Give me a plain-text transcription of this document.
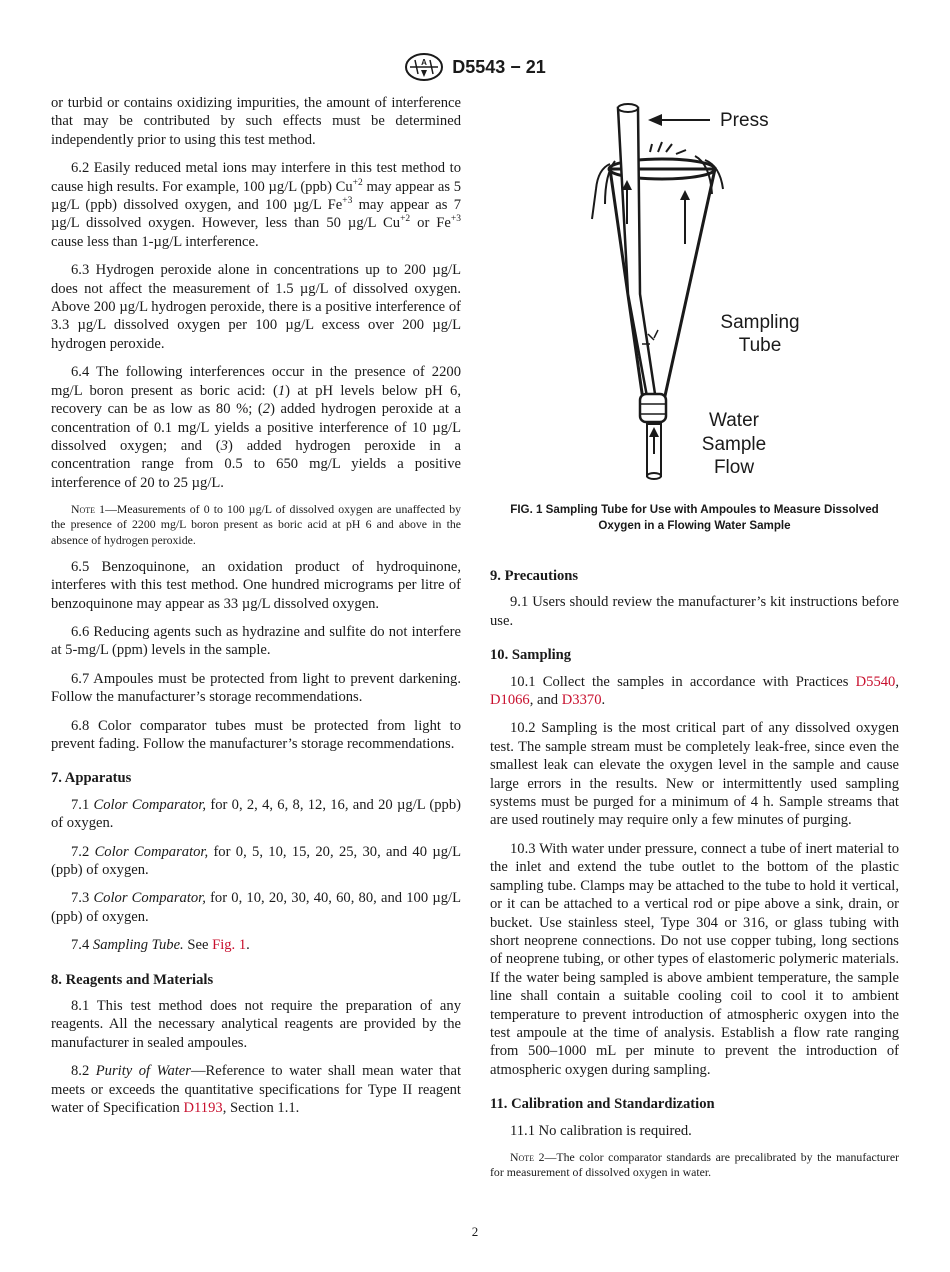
A D5543 − 21

or turbid or contains oxidizing impurities, the amount of interference that may be contributed by such effects must be determined independently prior to using this test method.

6.2 Easily reduced metal ions may interfere in this test method to cause high results. For example, 100 µg/L (ppb) $Cu^{+2}$ may appear as 5 µg/L (ppb) dissolved oxygen, and 100 µg/L $Fe^{+3}$ may appear as 7 µg/L dissolved oxygen. However, less than 50 µg/L $Cu^{+2}$ or $Fe^{+3}$ cause less than 1-µg/L interference.

6.3 Hydrogen peroxide alone in concentrations up to 200 µg/L does not affect the measurement of 1.5 µg/L of dissolved oxygen. Above 200 µg/L hydrogen peroxide, there is a positive interference of 3.3 µg/L dissolved oxygen per 100 µg/L excess over 200 µg/L hydrogen peroxide.

6.4 The following interferences occur in the presence of 2200 mg/L boron present as boric acid: (1) at pH levels below pH 6, recovery can be as low as 80 %; (2) added hydrogen peroxide at a concentration of 0.1 mg/L yields a positive interference of 10 µg/L dissolved oxygen; and (3) added hydrogen peroxide in a concentration range from 0.5 to 650 mg/L yields a positive interference of 20 to 25 µg/L.

Note 1—Measurements of 0 to 100 µg/L of dissolved oxygen are unaffected by the presence of 2200 mg/L boron present as boric acid at pH 6 and above in the absence of hydrogen peroxide.

6.5 Benzoquinone, an oxidation product of hydroquinone, interferes with this test method. One hundred micrograms per litre of benzoquinone may appear as 33 µg/L dissolved oxygen.

6.6 Reducing agents such as hydrazine and sulfite do not interfere at 5-mg/L (ppm) levels in the sample.

6.7 Ampoules must be protected from light to prevent darkening. Follow the manufacturer’s storage recommendations.

6.8 Color comparator tubes must be protected from light to prevent fading. Follow the manufacturer’s storage recommendations.

7. Apparatus

7.1 Color Comparator, for 0, 2, 4, 6, 8, 12, 16, and 20 µg/L (ppb) of oxygen.

7.2 Color Comparator, for 0, 5, 10, 15, 20, 25, 30, and 40 µg/L (ppb) of oxygen.

7.3 Color Comparator, for 0, 10, 20, 30, 40, 60, 80, and 100 µg/L (ppb) of oxygen.

7.4 Sampling Tube. See Fig. 1.

8. Reagents and Materials

8.1 This test method does not require the preparation of any reagents. All the necessary analytical reagents are provided by the manufacturer in sealed ampoules.

8.2 Purity of Water—Reference to water shall mean water that meets or exceeds the quantitative specifications for Type II reagent water of Specification D1193, Section 1.1.

Press
Sampling
Tube
Water
Sample
Flow
FIG. 1 Sampling Tube for Use with Ampoules to Measure Dissolved Oxygen in a Flowing Water Sample
9. Precautions

9.1 Users should review the manufacturer’s kit instructions before use.

10. Sampling

10.1 Collect the samples in accordance with Practices D5540, D1066, and D3370.

10.2 Sampling is the most critical part of any dissolved oxygen test. The sample stream must be completely leak-free, since even the smallest leak can elevate the oxygen level in the sample and cause large errors in the results. New or intermittently used sampling systems must be purged for a minimum of 4 h. Sample streams that are used routinely may require only a few minutes of purging.

10.3 With water under pressure, connect a tube of inert material to the inlet and extend the tube outlet to the bottom of the plastic sampling tube. Clamps may be attached to the tube to hold it vertical, or it can be attached to a vertical rod or pipe above a sink, drain, or bucket. Use stainless steel, Type 304 or 316, or glass tubing with short neoprene connections. Do not use copper tubing, long sections of neoprene tubing, or other types of elastomeric polymeric materials. If the water being sampled is above ambient temperature, the sample line shall contain a suitable cooling coil to cool it to ambient temperature to prevent introduction of atmospheric oxygen into the test ampoule at the time of analysis. Establish a flow rate ranging from 500–1000 mL per minute to prevent the introduction of atmospheric oxygen during sampling.

11. Calibration and Standardization

11.1 No calibration is required.

Note 2—The color comparator standards are precalibrated by the manufacturer for measurement of dissolved oxygen in water.
2
